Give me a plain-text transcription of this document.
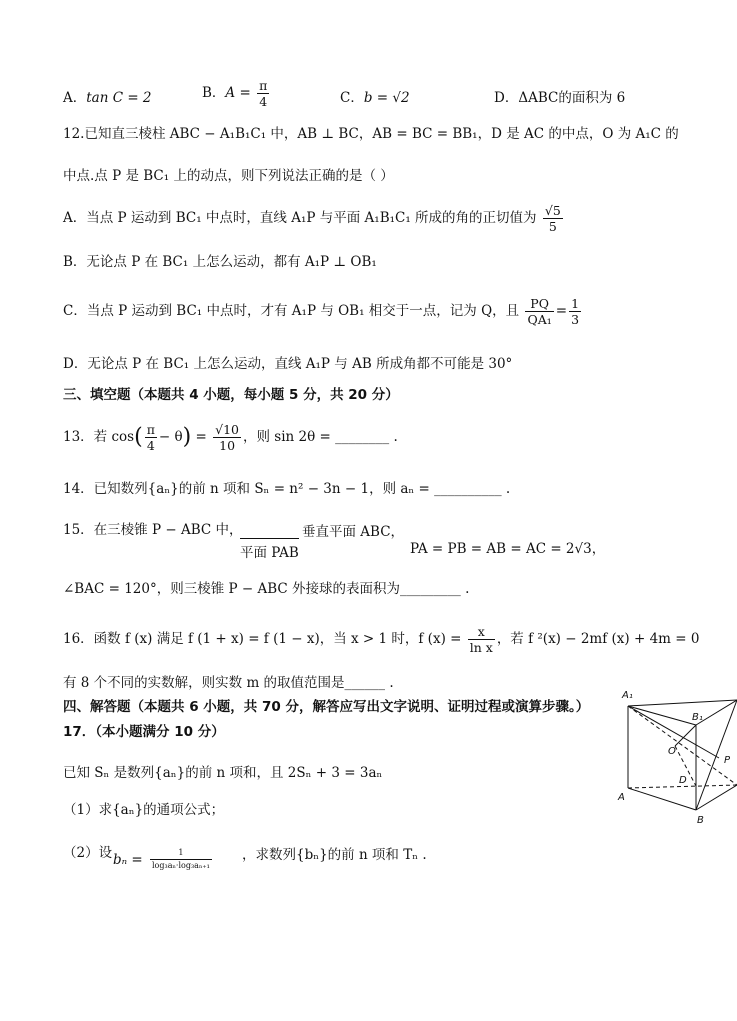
A．tan C = 2	B．$A = \frac{\pi}{4}$	C．b = √2	D．ΔABC的面积为 6
12.已知直三棱柱 ABC − A₁B₁C₁ 中，AB ⊥ BC，AB = BC = BB₁，D 是 AC 的中点，O 为 A₁C 的
中点.点 P 是 BC₁ 上的动点，则下列说法正确的是（ ）
A．当点 P 运动到 BC₁ 中点时，直线 A₁P 与平面 A₁B₁C₁ 所成的角的正切值为 $\frac{√5}{5}$
B．无论点 P 在 BC₁ 上怎么运动，都有 A₁P ⊥ OB₁
C．当点 P 运动到 BC₁ 中点时，才有 A₁P 与 OB₁ 相交于一点，记为 Q，且 $\frac{PQ}{\text{QA₁}} = \frac{1}{3}$
D．无论点 P 在 BC₁ 上怎么运动，直线 A₁P 与 AB 所成角都不可能是 30°
三、填空题（本题共 4 小题，每小题 5 分，共 20 分）
13．若 $\cos( \frac{\pi}{4} - \theta) = \frac{√10}{10}$ ，则 sin 2θ = ________ .
14．已知数列{aₙ}的前 n 项和 Sₙ = n² − 3n − 1，则 aₙ = __________ .
15．在三棱锥 P − ABC 中，	垂直平面 ABC，
平面 PAB	PA = PB = AB = AC = 2√3，
∠BAC = 120°，则三棱锥 P − ABC 外接球的表面积为_________ .
16．函数 f (x) 满足 f (1 + x) = f (1 − x)，当 x > 1 时，f $(x) = \frac{x}{\text{ln x}}$ ，若 f ²(x) − 2mf (x) + 4m = 0
有 8 个不同的实数解，则实数 m 的取值范围是______ .
四、解答题（本题共 6 小题，共 70 分，解答应写出文字说明、证明过程或演算步骤。）
17．（本小题满分 10 分）
已知 Sₙ 是数列{aₙ}的前 n 项和，且 2Sₙ + 3 = 3aₙ
（1）求{aₙ}的通项公式；
（2）设 $b_n = \frac{1}{\text{log₃aₙ·log₃aₙ₊₁}}$ ，求数列{bₙ}的前 n 项和 Tₙ .
A₁
B₁
O
P
D
A
B
